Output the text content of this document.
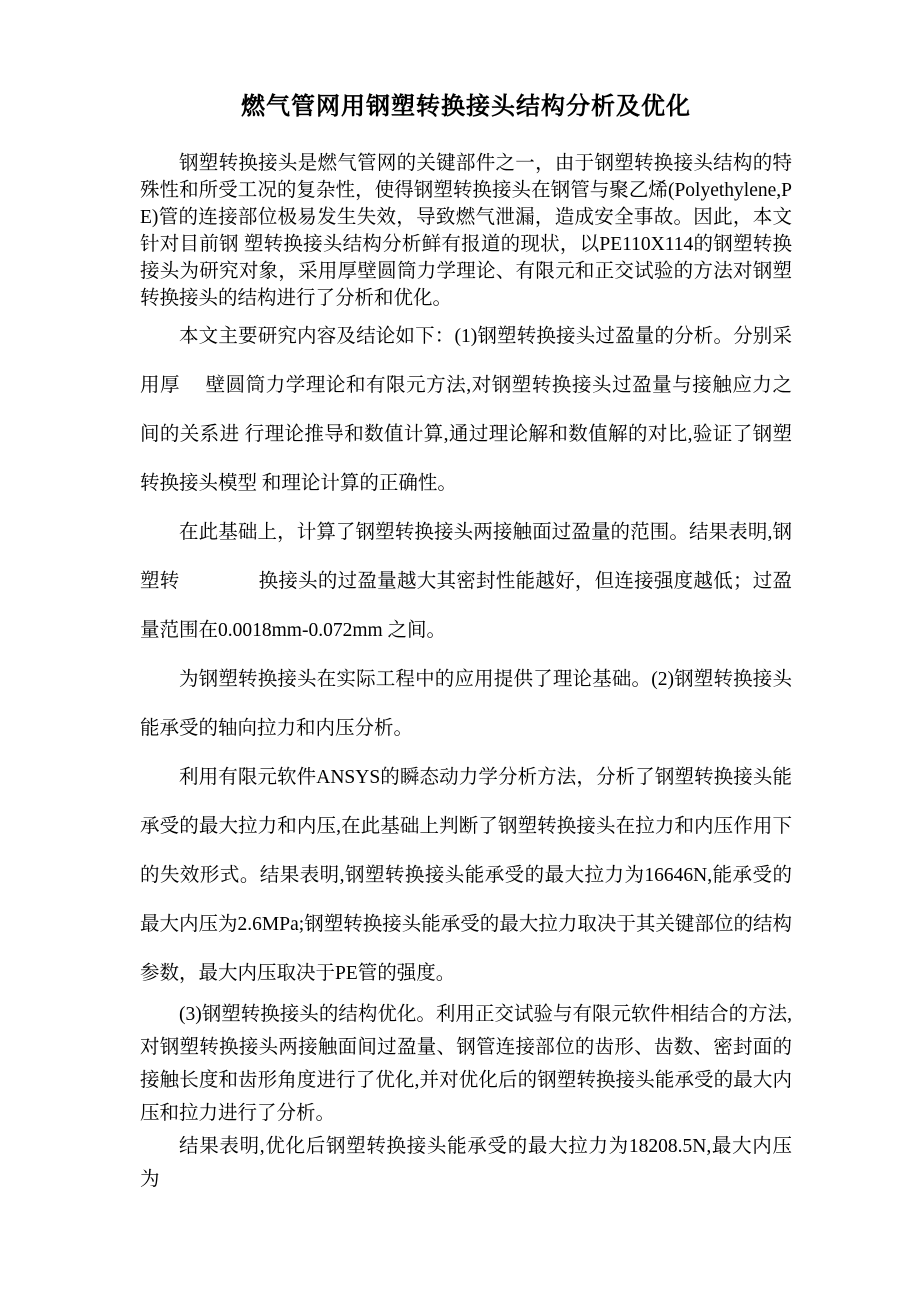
燃气管网用钢塑转换接头结构分析及优化

钢塑转换接头是燃气管网的关键部件之一，由于钢塑转换接头结构的特殊性和所受工况的复杂性，使得钢塑转换接头在钢管与聚乙烯(Polyethylene,PE)管的连接部位极易发生失效，导致燃气泄漏，造成安全事故。因此，本文针对目前钢 塑转换接头结构分析鲜有报道的现状，以PE110X114的钢塑转换接头为研究对象，采用厚壁圆筒力学理论、有限元和正交试验的方法对钢塑转换接头的结构进行了分析和优化。

本文主要研究内容及结论如下：(1)钢塑转换接头过盈量的分析。分别采用厚　 壁圆筒力学理论和有限元方法,对钢塑转换接头过盈量与接触应力之间的关系进 行理论推导和数值计算,通过理论解和数值解的对比,验证了钢塑转换接头模型 和理论计算的正确性。

在此基础上，计算了钢塑转换接头两接触面过盈量的范围。结果表明,钢塑转　　　　换接头的过盈量越大其密封性能越好，但连接强度越低；过盈量范围在0.0018mm-0.072mm 之间。

为钢塑转换接头在实际工程中的应用提供了理论基础。(2)钢塑转换接头能承受的轴向拉力和内压分析。

利用有限元软件ANSYS的瞬态动力学分析方法，分析了钢塑转换接头能承受的最大拉力和内压,在此基础上判断了钢塑转换接头在拉力和内压作用下的失效形式。结果表明,钢塑转换接头能承受的最大拉力为16646N,能承受的最大内压为2.6MPa;钢塑转换接头能承受的最大拉力取决于其关键部位的结构参数，最大内压取决于PE管的强度。

(3)钢塑转换接头的结构优化。利用正交试验与有限元软件相结合的方法,对钢塑转换接头两接触面间过盈量、钢管连接部位的齿形、齿数、密封面的接触长度和齿形角度进行了优化,并对优化后的钢塑转换接头能承受的最大内压和拉力进行了分析。

结果表明,优化后钢塑转换接头能承受的最大拉力为18208.5N,最大内压为
